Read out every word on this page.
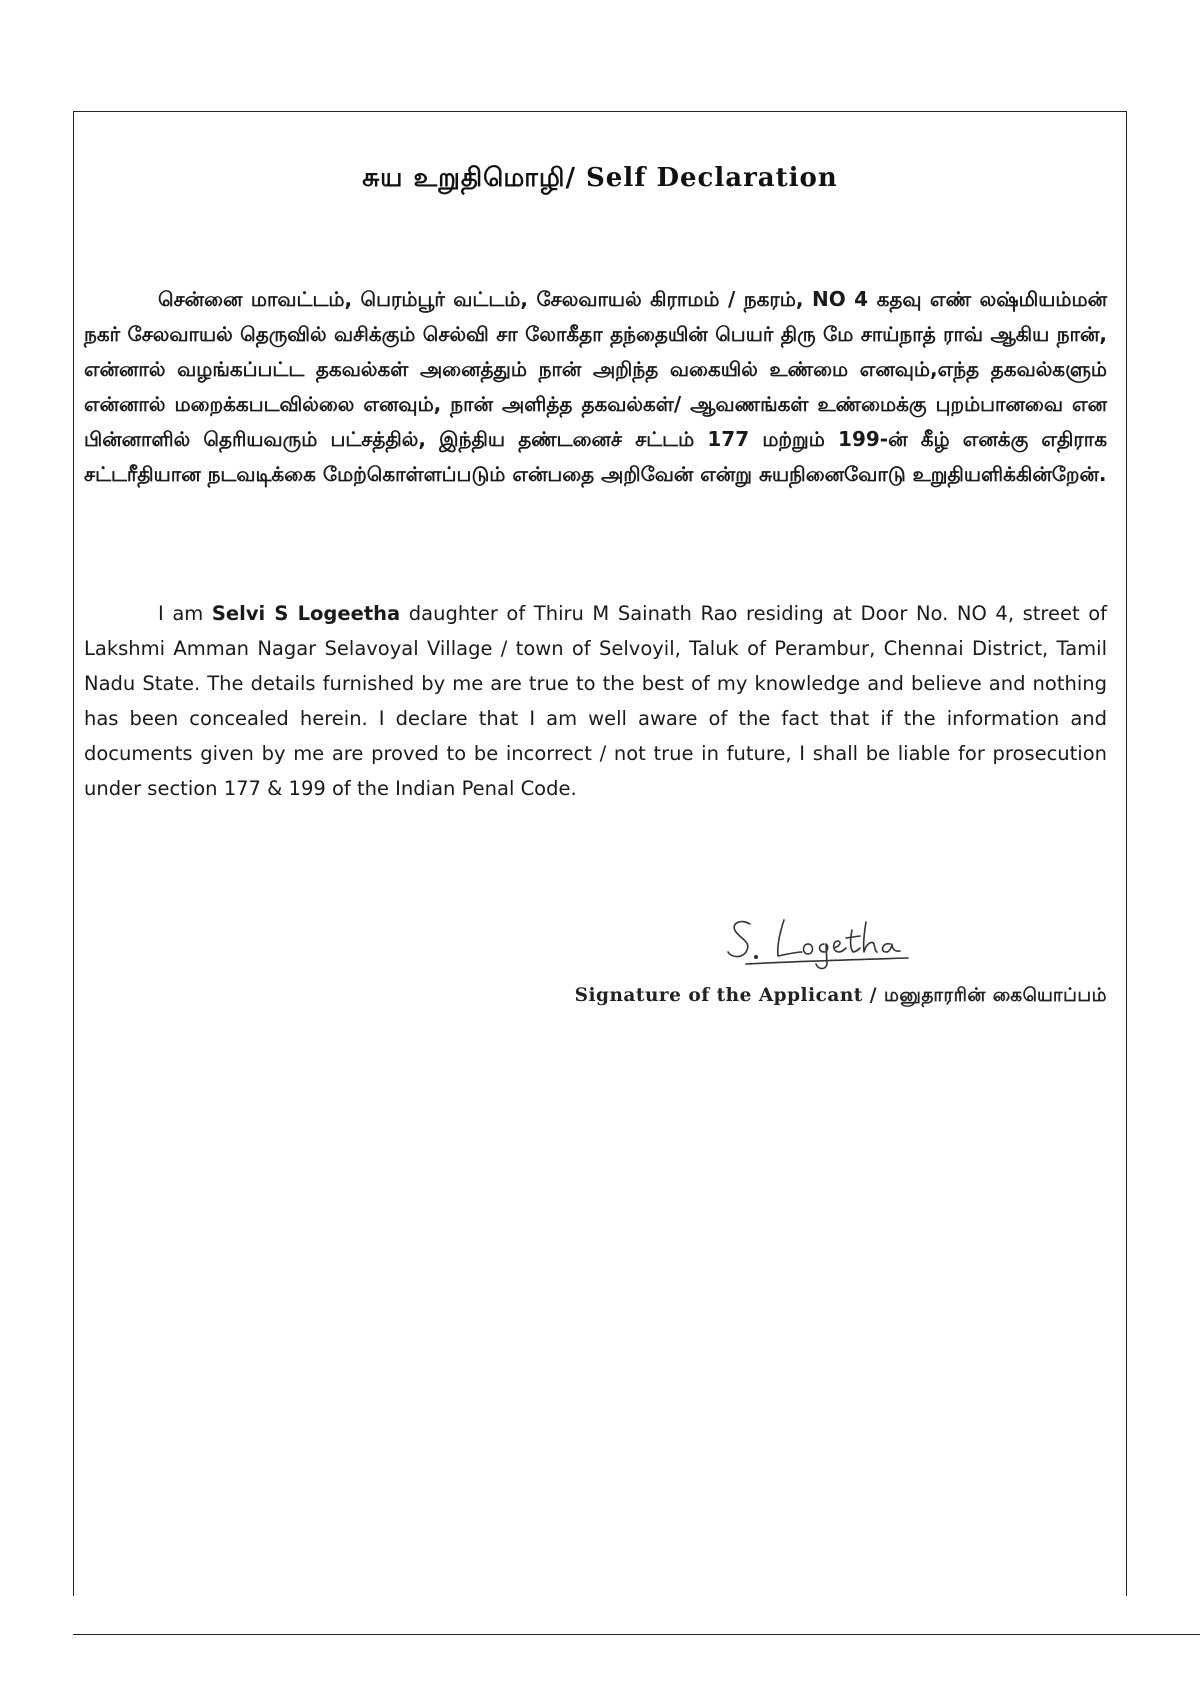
சுய உறுதிமொழி/ Self Declaration

சென்னை மாவட்டம், பெரம்பூர் வட்டம், சேலவாயல் கிராமம் / நகரம், NO 4 கதவு எண் லஷ்மியம்மன் நகர் சேலவாயல் தெருவில் வசிக்கும் செல்வி சா லோகீதா தந்தையின் பெயர் திரு மே சாய்நாத் ராவ் ஆகிய நான், என்னால் வழங்கப்பட்ட தகவல்கள் அனைத்தும் நான் அறிந்த வகையில் உண்மை எனவும்,எந்த தகவல்களும் என்னால் மறைக்கபடவில்லை எனவும், நான் அளித்த தகவல்கள்/ ஆவணங்கள் உண்மைக்கு புறம்பானவை என பின்னாளில் தெரியவரும் பட்சத்தில், இந்திய தண்டனைச் சட்டம் 177 மற்றும் 199-ன் கீழ் எனக்கு எதிராக சட்டரீதியான நடவடிக்கை மேற்கொள்ளப்படும் என்பதை அறிவேன் என்று சுயநினைவோடு உறுதியளிக்கின்றேன்.

I am Selvi S Logeetha daughter of Thiru M Sainath Rao residing at Door No. NO 4, street of Lakshmi Amman Nagar Selavoyal Village / town of Selvoyil, Taluk of Perambur, Chennai District, Tamil Nadu State. The details furnished by me are true to the best of my knowledge and believe and nothing has been concealed herein. I declare that I am well aware of the fact that if the information and documents given by me are proved to be incorrect / not true in future, I shall be liable for prosecution under section 177 & 199 of the Indian Penal Code.

Signature of the Applicant / மனுதாரரின் கையொப்பம்
